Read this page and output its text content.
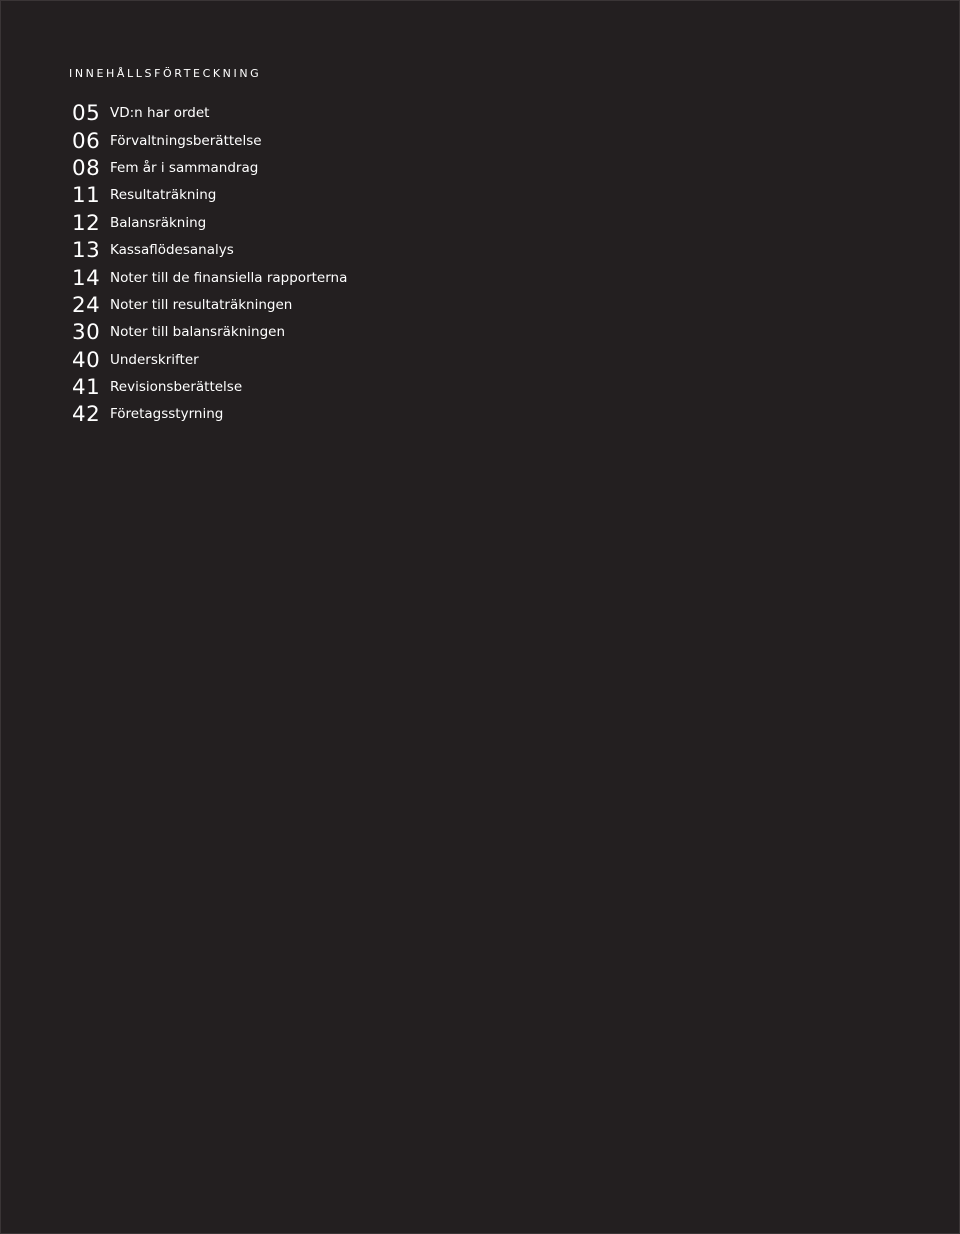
INNEHÅLLSFÖRTECKNING
05 VD:n har ordet
06 Förvaltningsberättelse
08 Fem år i sammandrag
11 Resultaträkning
12 Balansräkning
13 Kassaflödesanalys
14 Noter till de finansiella rapporterna
24 Noter till resultaträkningen
30 Noter till balansräkningen
40 Underskrifter
41 Revisionsberättelse
42 Företagsstyrning
